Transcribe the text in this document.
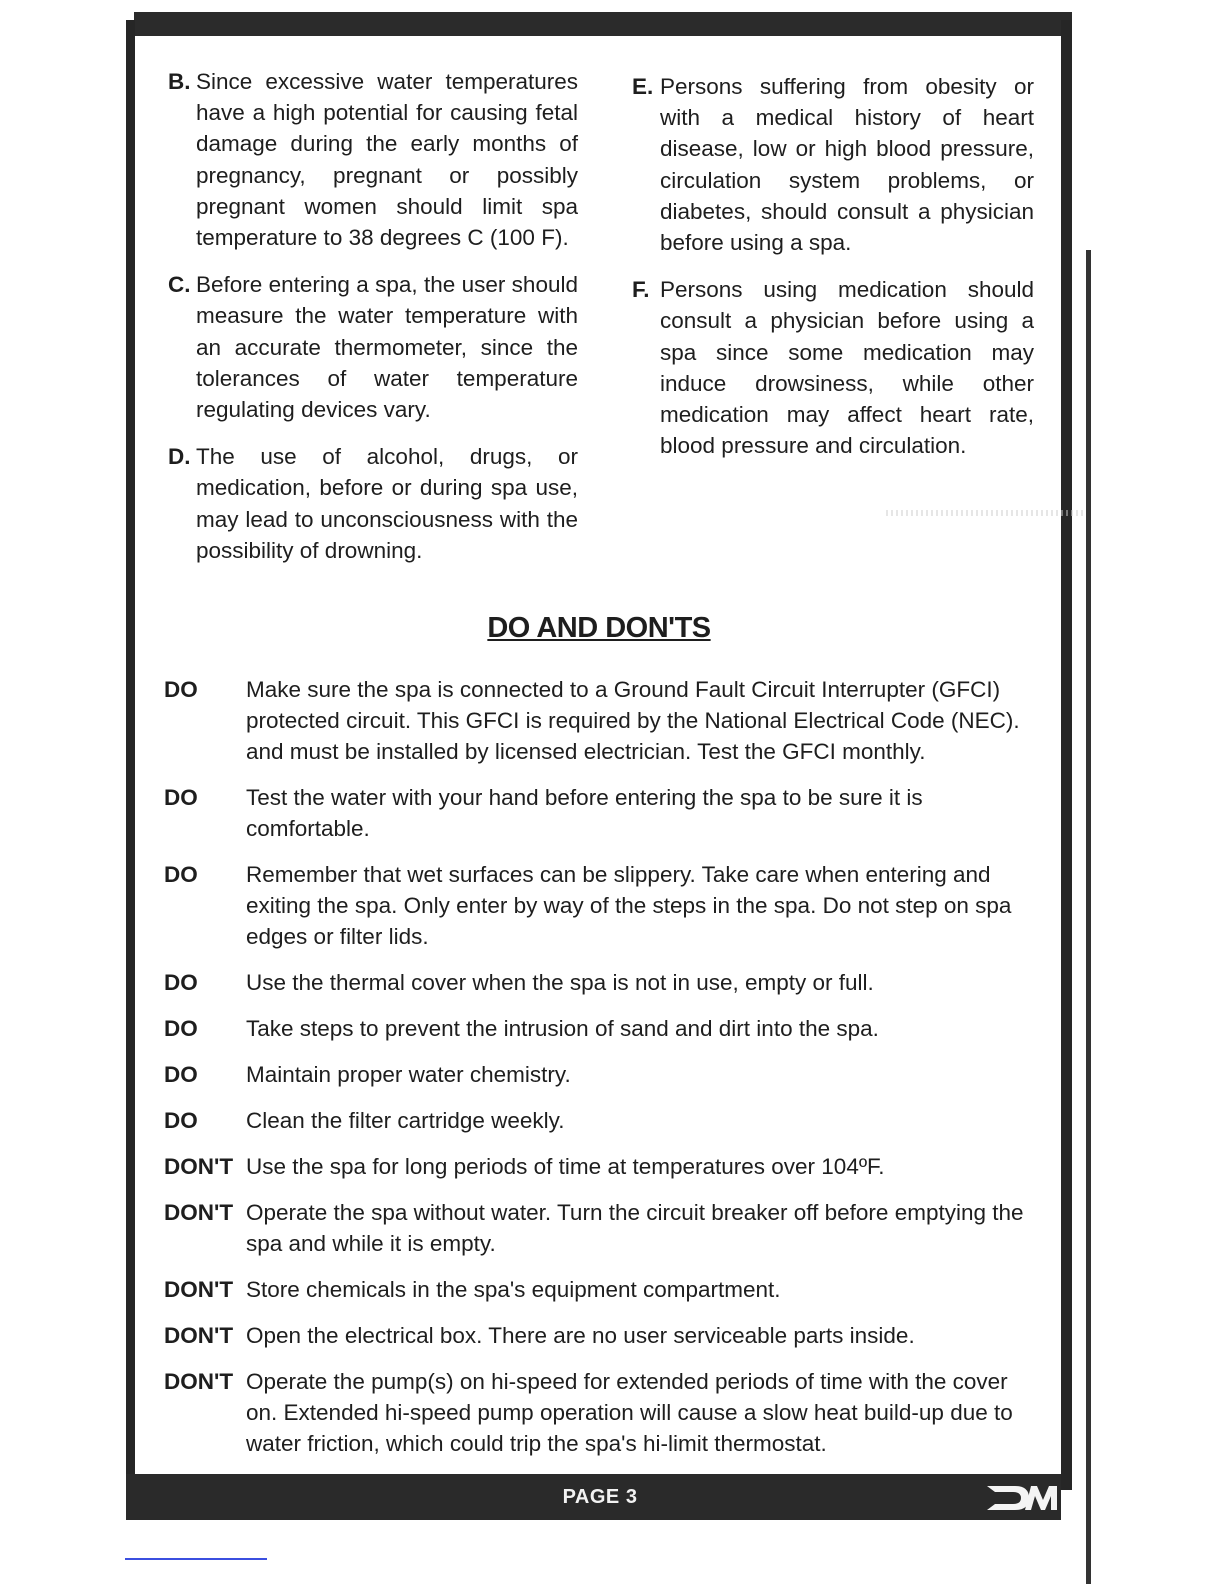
B. Since excessive water temperatures have a high potential for causing fetal damage during the early months of pregnancy, pregnant or possibly pregnant women should limit spa temperature to 38 degrees C (100 F).
C. Before entering a spa, the user should measure the water temperature with an accurate thermometer, since the tolerances of water temperature regulating devices vary.
D. The use of alcohol, drugs, or medication, before or during spa use, may lead to unconsciousness with the possibility of drowning.
E. Persons suffering from obesity or with a medical history of heart disease, low or high blood pressure, circulation system problems, or diabetes, should consult a physician before using a spa.
F. Persons using medication should consult a physician before using a spa since some medication may induce drowsiness, while other medication may affect heart rate, blood pressure and circulation.
DO AND DON'TS
DO	Make sure the spa is connected to a Ground Fault Circuit Interrupter (GFCI) protected circuit. This GFCI is required by the National Electrical Code (NEC). and must be installed by licensed electrician. Test the GFCI monthly.
DO	Test the water with your hand before entering the spa to be sure it is comfortable.
DO	Remember that wet surfaces can be slippery. Take care when entering and exiting the spa. Only enter by way of the steps in the spa. Do not step on spa edges or filter lids.
DO	Use the thermal cover when the spa is not in use, empty or full.
DO	Take steps to prevent the intrusion of sand and dirt into the spa.
DO	Maintain proper water chemistry.
DO	Clean the filter cartridge weekly.
DON'T Use the spa for long periods of time at temperatures over 104ºF.
DON'T Operate the spa without water. Turn the circuit breaker off before emptying the spa and while it is empty.
DON'T Store chemicals in the spa's equipment compartment.
DON'T Open the electrical box. There are no user serviceable parts inside.
DON'T Operate the pump(s) on hi-speed for extended periods of time with the cover on. Extended hi-speed pump operation will cause a slow heat build-up due to water friction, which could trip the spa's hi-limit thermostat.
PAGE 3
